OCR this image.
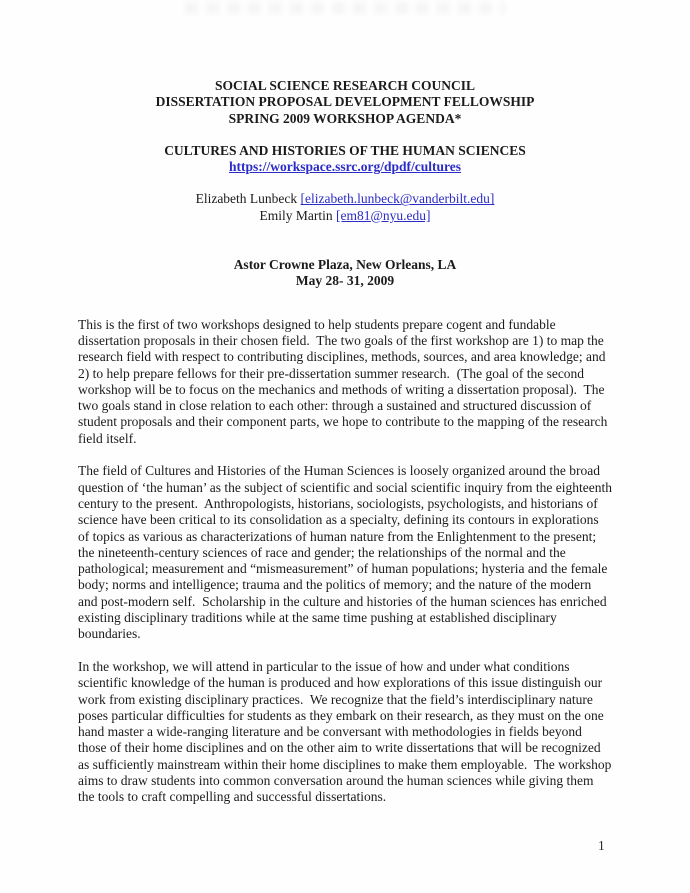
SOCIAL SCIENCE RESEARCH COUNCIL
DISSERTATION PROPOSAL DEVELOPMENT FELLOWSHIP
SPRING 2009 WORKSHOP AGENDA*
CULTURES AND HISTORIES OF THE HUMAN SCIENCES
https://workspace.ssrc.org/dpdf/cultures
Elizabeth Lunbeck [elizabeth.lunbeck@vanderbilt.edu]
Emily Martin [em81@nyu.edu]
Astor Crowne Plaza, New Orleans, LA
May 28- 31, 2009

This is the first of two workshops designed to help students prepare cogent and fundable dissertation proposals in their chosen field.  The two goals of the first workshop are 1) to map the research field with respect to contributing disciplines, methods, sources, and area knowledge; and 2) to help prepare fellows for their pre-dissertation summer research.  (The goal of the second workshop will be to focus on the mechanics and methods of writing a dissertation proposal).  The two goals stand in close relation to each other: through a sustained and structured discussion of student proposals and their component parts, we hope to contribute to the mapping of the research field itself.

The field of Cultures and Histories of the Human Sciences is loosely organized around the broad question of ‘the human’ as the subject of scientific and social scientific inquiry from the eighteenth century to the present.  Anthropologists, historians, sociologists, psychologists, and historians of science have been critical to its consolidation as a specialty, defining its contours in explorations of topics as various as characterizations of human nature from the Enlightenment to the present; the nineteenth-century sciences of race and gender; the relationships of the normal and the pathological; measurement and “mismeasurement” of human populations; hysteria and the female body; norms and intelligence; trauma and the politics of memory; and the nature of the modern and post-modern self.  Scholarship in the culture and histories of the human sciences has enriched existing disciplinary traditions while at the same time pushing at established disciplinary boundaries.

In the workshop, we will attend in particular to the issue of how and under what conditions scientific knowledge of the human is produced and how explorations of this issue distinguish our work from existing disciplinary practices.  We recognize that the field’s interdisciplinary nature poses particular difficulties for students as they embark on their research, as they must on the one hand master a wide-ranging literature and be conversant with methodologies in fields beyond those of their home disciplines and on the other aim to write dissertations that will be recognized as sufficiently mainstream within their home disciplines to make them employable.  The workshop aims to draw students into common conversation around the human sciences while giving them the tools to craft compelling and successful dissertations.

1
